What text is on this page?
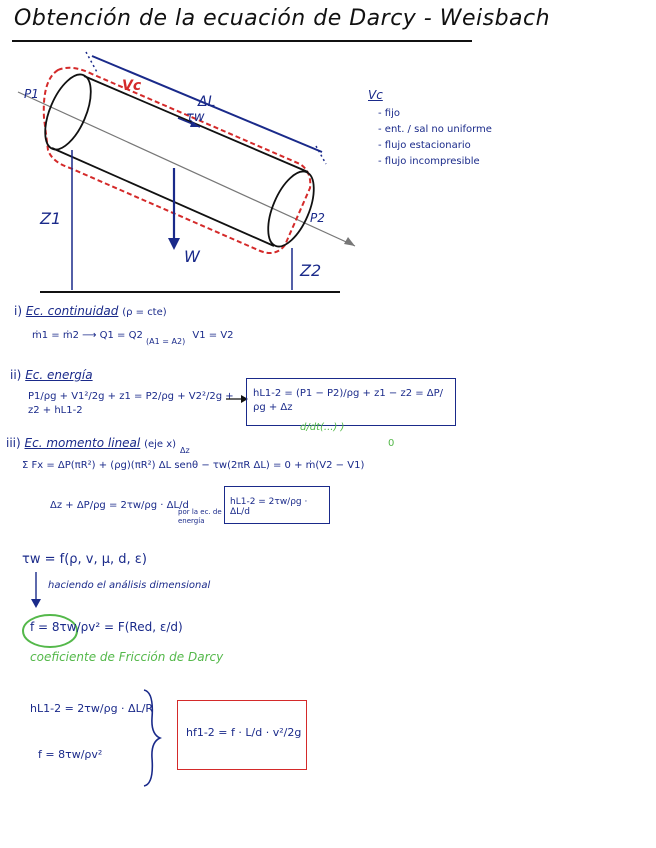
Obtención de la ecuación de Darcy - Weisbach
Vc
ΔL
τw
P1
P2
Z1
Z2
W
Vc
- fijo
- ent. / sal no uniforme
- flujo estacionario
- flujo incompresible
i) Ec. continuidad (ρ = cte)
ṁ1 = ṁ2 ⟶ Q1 = Q2 $_{(A1 = A2)}$ V1 = V2
ii) Ec. energía
P1/ρg + V1²/2g + z1 = P2/ρg + V2²/2g + z2 + hL1-2
hL1-2 = (P1 − P2)/ρg + z1 − z2 = ΔP/ρg + Δz
d/dt(...) )
iii) Ec. momento lineal (eje x)
Δz
Σ Fx = ΔP(πR²) + (ρg)(πR²) ΔL senθ − τw(2πR ΔL) = 0 + ṁ(V2 − V1)
0
Δz + ΔP/ρg = 2τw/ρg · ΔL/d
por la ec. de energía
hL1-2 = 2τw/ρg · ΔL/d
τw = f(ρ, v, μ, d, ε)
haciendo el análisis dimensional
f = 8τw/ρv² = F(Red, ε/d)
coeficiente de Fricción de Darcy
hL1-2 = 2τw/ρg · ΔL/R
f = 8τw/ρv²
hf1-2 = f · L/d · v²/2g
